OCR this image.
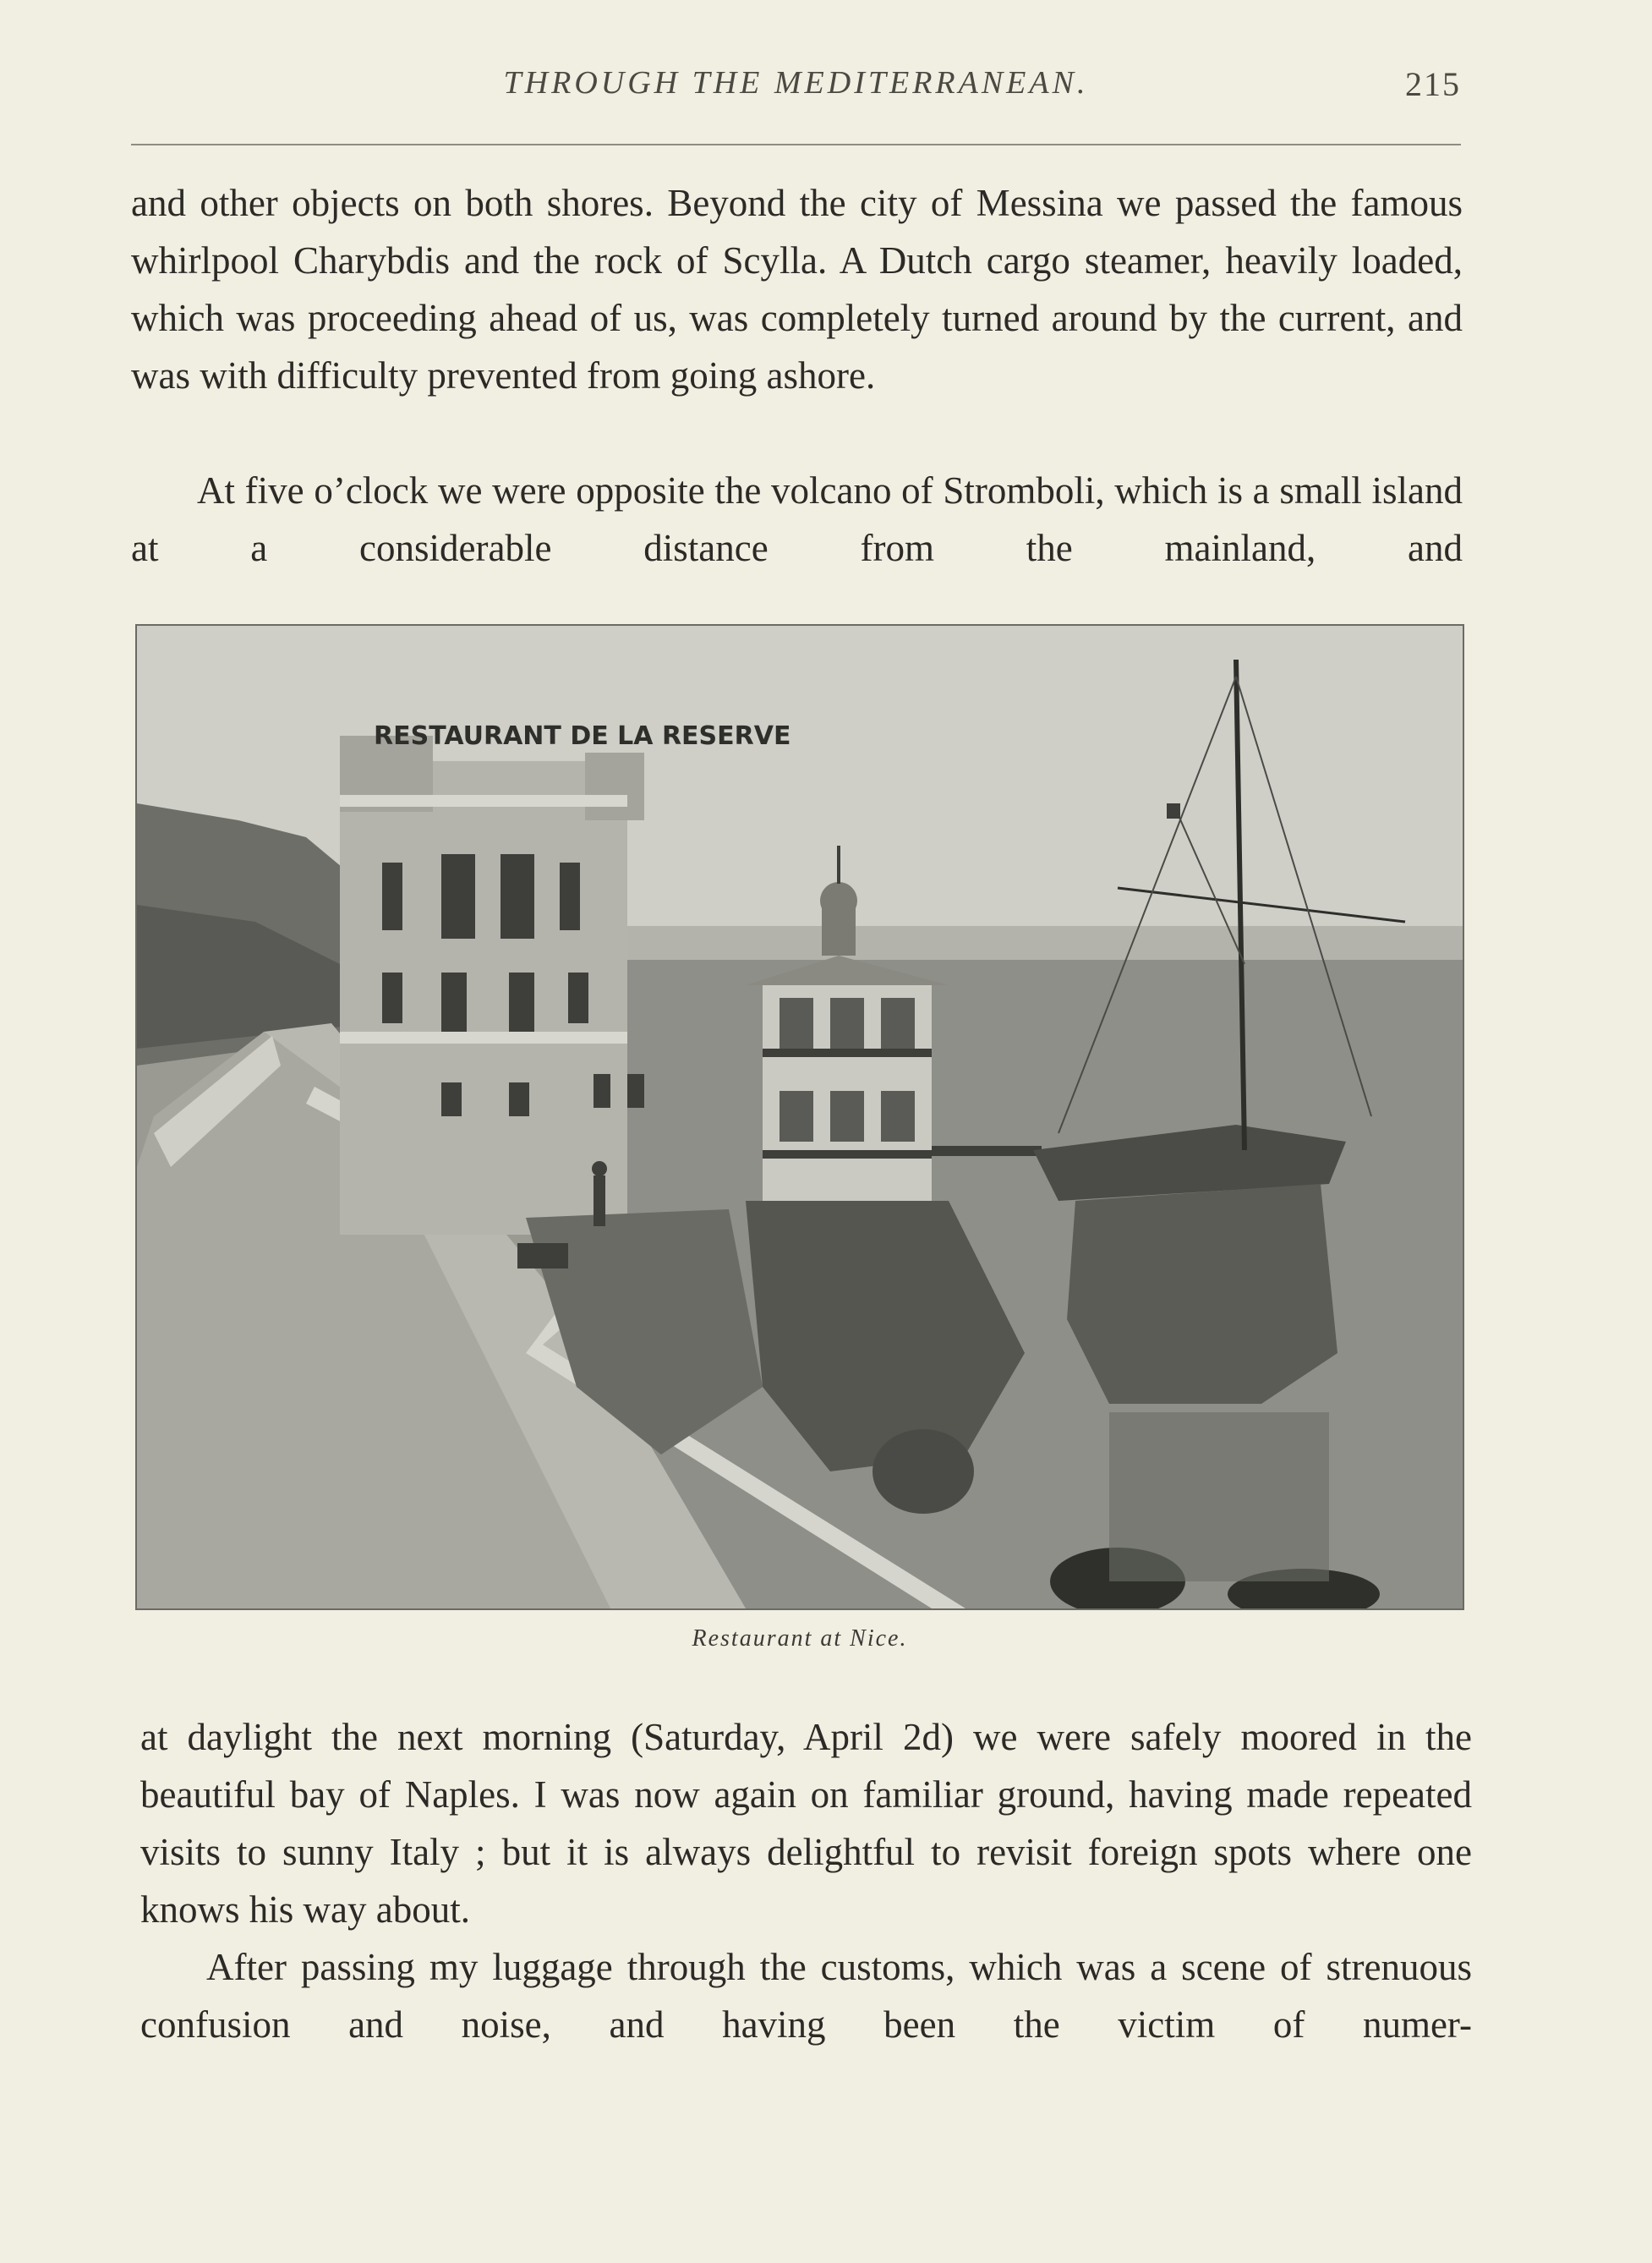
THROUGH THE MEDITERRANEAN.	215

and other objects on both shores. Beyond the city of Messina we passed the famous whirlpool Charybdis and the rock of Scylla. A Dutch cargo steamer, heavily loaded, which was proceeding ahead of us, was completely turned around by the current, and was with difficulty prevented from going ashore.

At five o’clock we were opposite the volcano of Stromboli, which is a small island at a considerable distance from the mainland, and

RESTAURANT DE LA RESERVE
Restaurant at Nice.

at daylight the next morning (Saturday, April 2d) we were safely moored in the beautiful bay of Naples. I was now again on familiar ground, having made repeated visits to sunny Italy ; but it is always delightful to revisit foreign spots where one knows his way about.

After passing my luggage through the customs, which was a scene of strenuous confusion and noise, and having been the victim of numer-
